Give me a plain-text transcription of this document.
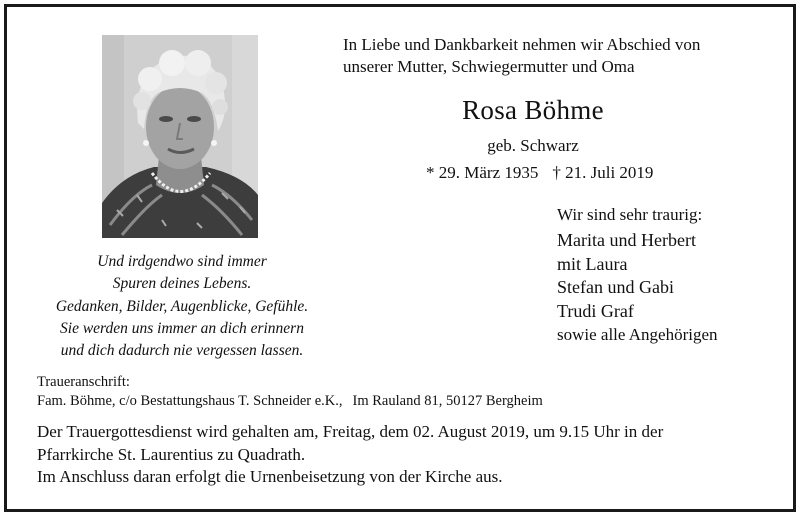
Und irdgendwo sind immer
Spuren deines Lebens.
Gedanken, Bilder, Augenblicke, Gefühle.
Sie werden uns immer an dich erinnern
und dich dadurch nie vergessen lassen.
In Liebe und Dankbarkeit nehmen wir Abschied von
unserer Mutter, Schwiegermutter und Oma
Rosa Böhme
geb. Schwarz
* 29. März 1935 † 21. Juli 2019
Wir sind sehr traurig:
Marita und Herbert
mit Laura
Stefan und Gabi
Trudi Graf
sowie alle Angehörigen
Traueranschrift:
Fam. Böhme, c/o Bestattungshaus T. Schneider e.K., Im Rauland 81, 50127 Bergheim
Der Trauergottesdienst wird gehalten am, Freitag, dem 02. August 2019, um 9.15 Uhr in der
Pfarrkirche St. Laurentius zu Quadrath.
Im Anschluss daran erfolgt die Urnenbeisetzung von der Kirche aus.
